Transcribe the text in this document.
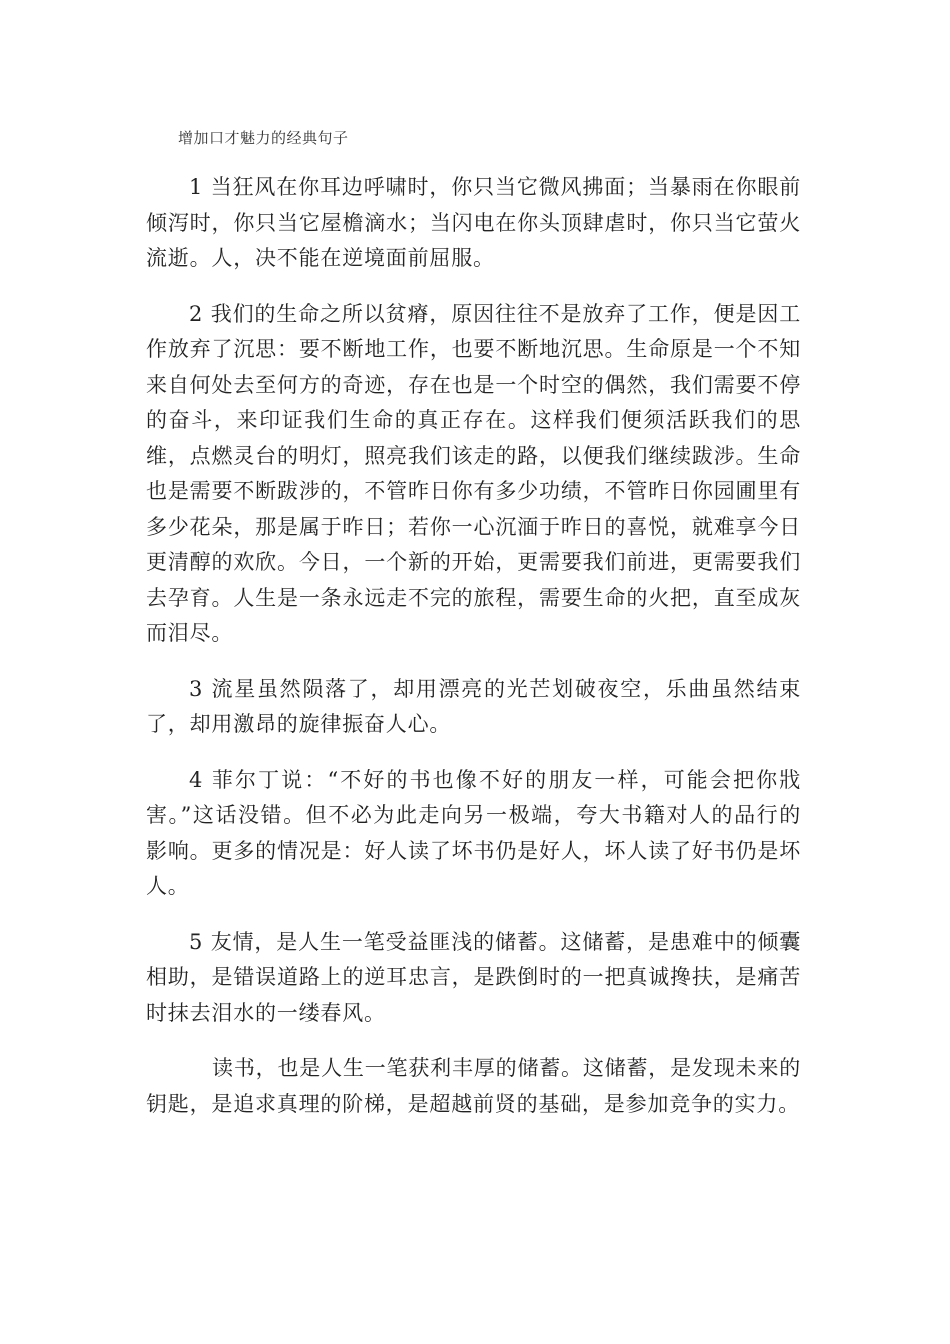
增加口才魅力的经典句子

1 当狂风在你耳边呼啸时，你只当它微风拂面；当暴雨在你眼前倾泻时，你只当它屋檐滴水；当闪电在你头顶肆虐时，你只当它萤火流逝。人，决不能在逆境面前屈服。

2 我们的生命之所以贫瘠，原因往往不是放弃了工作，便是因工作放弃了沉思：要不断地工作，也要不断地沉思。生命原是一个不知来自何处去至何方的奇迹，存在也是一个时空的偶然，我们需要不停的奋斗，来印证我们生命的真正存在。这样我们便须活跃我们的思维，点燃灵台的明灯，照亮我们该走的路，以便我们继续跋涉。生命也是需要不断跋涉的，不管昨日你有多少功绩，不管昨日你园圃里有多少花朵，那是属于昨日；若你一心沉湎于昨日的喜悦，就难享今日更清醇的欢欣。今日，一个新的开始，更需要我们前进，更需要我们去孕育。人生是一条永远走不完的旅程，需要生命的火把，直至成灰而泪尽。

3 流星虽然陨落了，却用漂亮的光芒划破夜空，乐曲虽然结束了，却用激昂的旋律振奋人心。

4 菲尔丁说：“不好的书也像不好的朋友一样，可能会把你戕害。”这话没错。但不必为此走向另一极端，夸大书籍对人的品行的影响。更多的情况是：好人读了坏书仍是好人，坏人读了好书仍是坏人。

5 友情，是人生一笔受益匪浅的储蓄。这储蓄，是患难中的倾囊相助，是错误道路上的逆耳忠言，是跌倒时的一把真诚搀扶，是痛苦时抹去泪水的一缕春风。

读书，也是人生一笔获利丰厚的储蓄。这储蓄，是发现未来的钥匙，是追求真理的阶梯，是超越前贤的基础，是参加竞争的实力。
